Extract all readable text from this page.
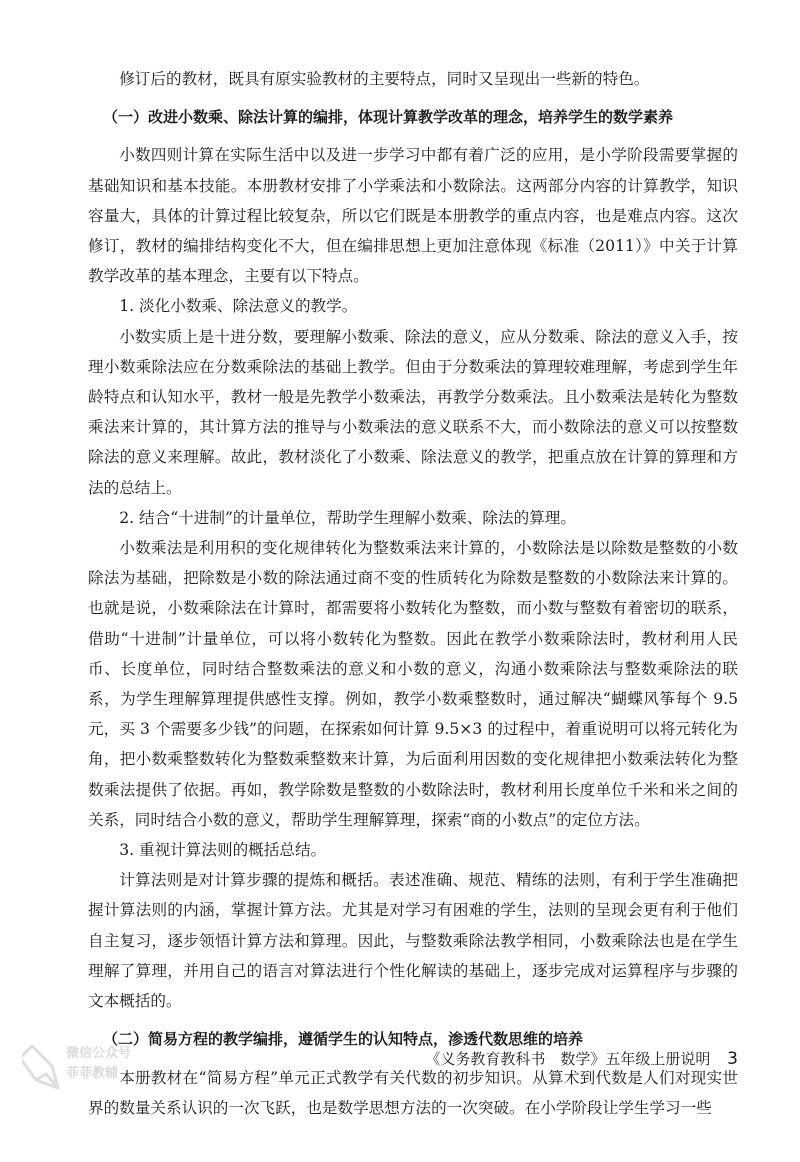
修订后的教材，既具有原实验教材的主要特点，同时又呈现出一些新的特色。

（一）改进小数乘、除法计算的编排，体现计算教学改革的理念，培养学生的数学素养

小数四则计算在实际生活中以及进一步学习中都有着广泛的应用，是小学阶段需要掌握的基础知识和基本技能。本册教材安排了小学乘法和小数除法。这两部分内容的计算教学，知识容量大，具体的计算过程比较复杂，所以它们既是本册教学的重点内容，也是难点内容。这次修订，教材的编排结构变化不大，但在编排思想上更加注意体现《标准（2011）》中关于计算教学改革的基本理念，主要有以下特点。

1. 淡化小数乘、除法意义的教学。

小数实质上是十进分数，要理解小数乘、除法的意义，应从分数乘、除法的意义入手，按理小数乘除法应在分数乘除法的基础上教学。但由于分数乘法的算理较难理解，考虑到学生年龄特点和认知水平，教材一般是先教学小数乘法，再教学分数乘法。且小数乘法是转化为整数乘法来计算的，其计算方法的推导与小数乘法的意义联系不大，而小数除法的意义可以按整数除法的意义来理解。故此，教材淡化了小数乘、除法意义的教学，把重点放在计算的算理和方法的总结上。

2. 结合“十进制”的计量单位，帮助学生理解小数乘、除法的算理。

小数乘法是利用积的变化规律转化为整数乘法来计算的，小数除法是以除数是整数的小数除法为基础，把除数是小数的除法通过商不变的性质转化为除数是整数的小数除法来计算的。也就是说，小数乘除法在计算时，都需要将小数转化为整数，而小数与整数有着密切的联系，借助“十进制”计量单位，可以将小数转化为整数。因此在教学小数乘除法时，教材利用人民币、长度单位，同时结合整数乘法的意义和小数的意义，沟通小数乘除法与整数乘除法的联系，为学生理解算理提供感性支撑。例如，教学小数乘整数时，通过解决“蝴蝶风筝每个 9.5 元，买 3 个需要多少钱”的问题，在探索如何计算 9.5×3 的过程中，着重说明可以将元转化为角，把小数乘整数转化为整数乘整数来计算，为后面利用因数的变化规律把小数乘法转化为整数乘法提供了依据。再如，教学除数是整数的小数除法时，教材利用长度单位千米和米之间的关系，同时结合小数的意义，帮助学生理解算理，探索“商的小数点”的定位方法。

3. 重视计算法则的概括总结。

计算法则是对计算步骤的提炼和概括。表述准确、规范、精练的法则，有利于学生准确把握计算法则的内涵，掌握计算方法。尤其是对学习有困难的学生，法则的呈现会更有利于他们自主复习，逐步领悟计算方法和算理。因此，与整数乘除法教学相同，小数乘除法也是在学生理解了算理，并用自己的语言对算法进行个性化解读的基础上，逐步完成对运算程序与步骤的文本概括的。

（二）简易方程的教学编排，遵循学生的认知特点，渗透代数思维的培养

本册教材在“简易方程”单元正式教学有关代数的初步知识。从算术到代数是人们对现实世界的数量关系认识的一次飞跃，也是数学思想方法的一次突破。在小学阶段让学生学习一些

微信公众号
菲菲教辅
《义务教育教科书　数学》五年级上册说明 3
